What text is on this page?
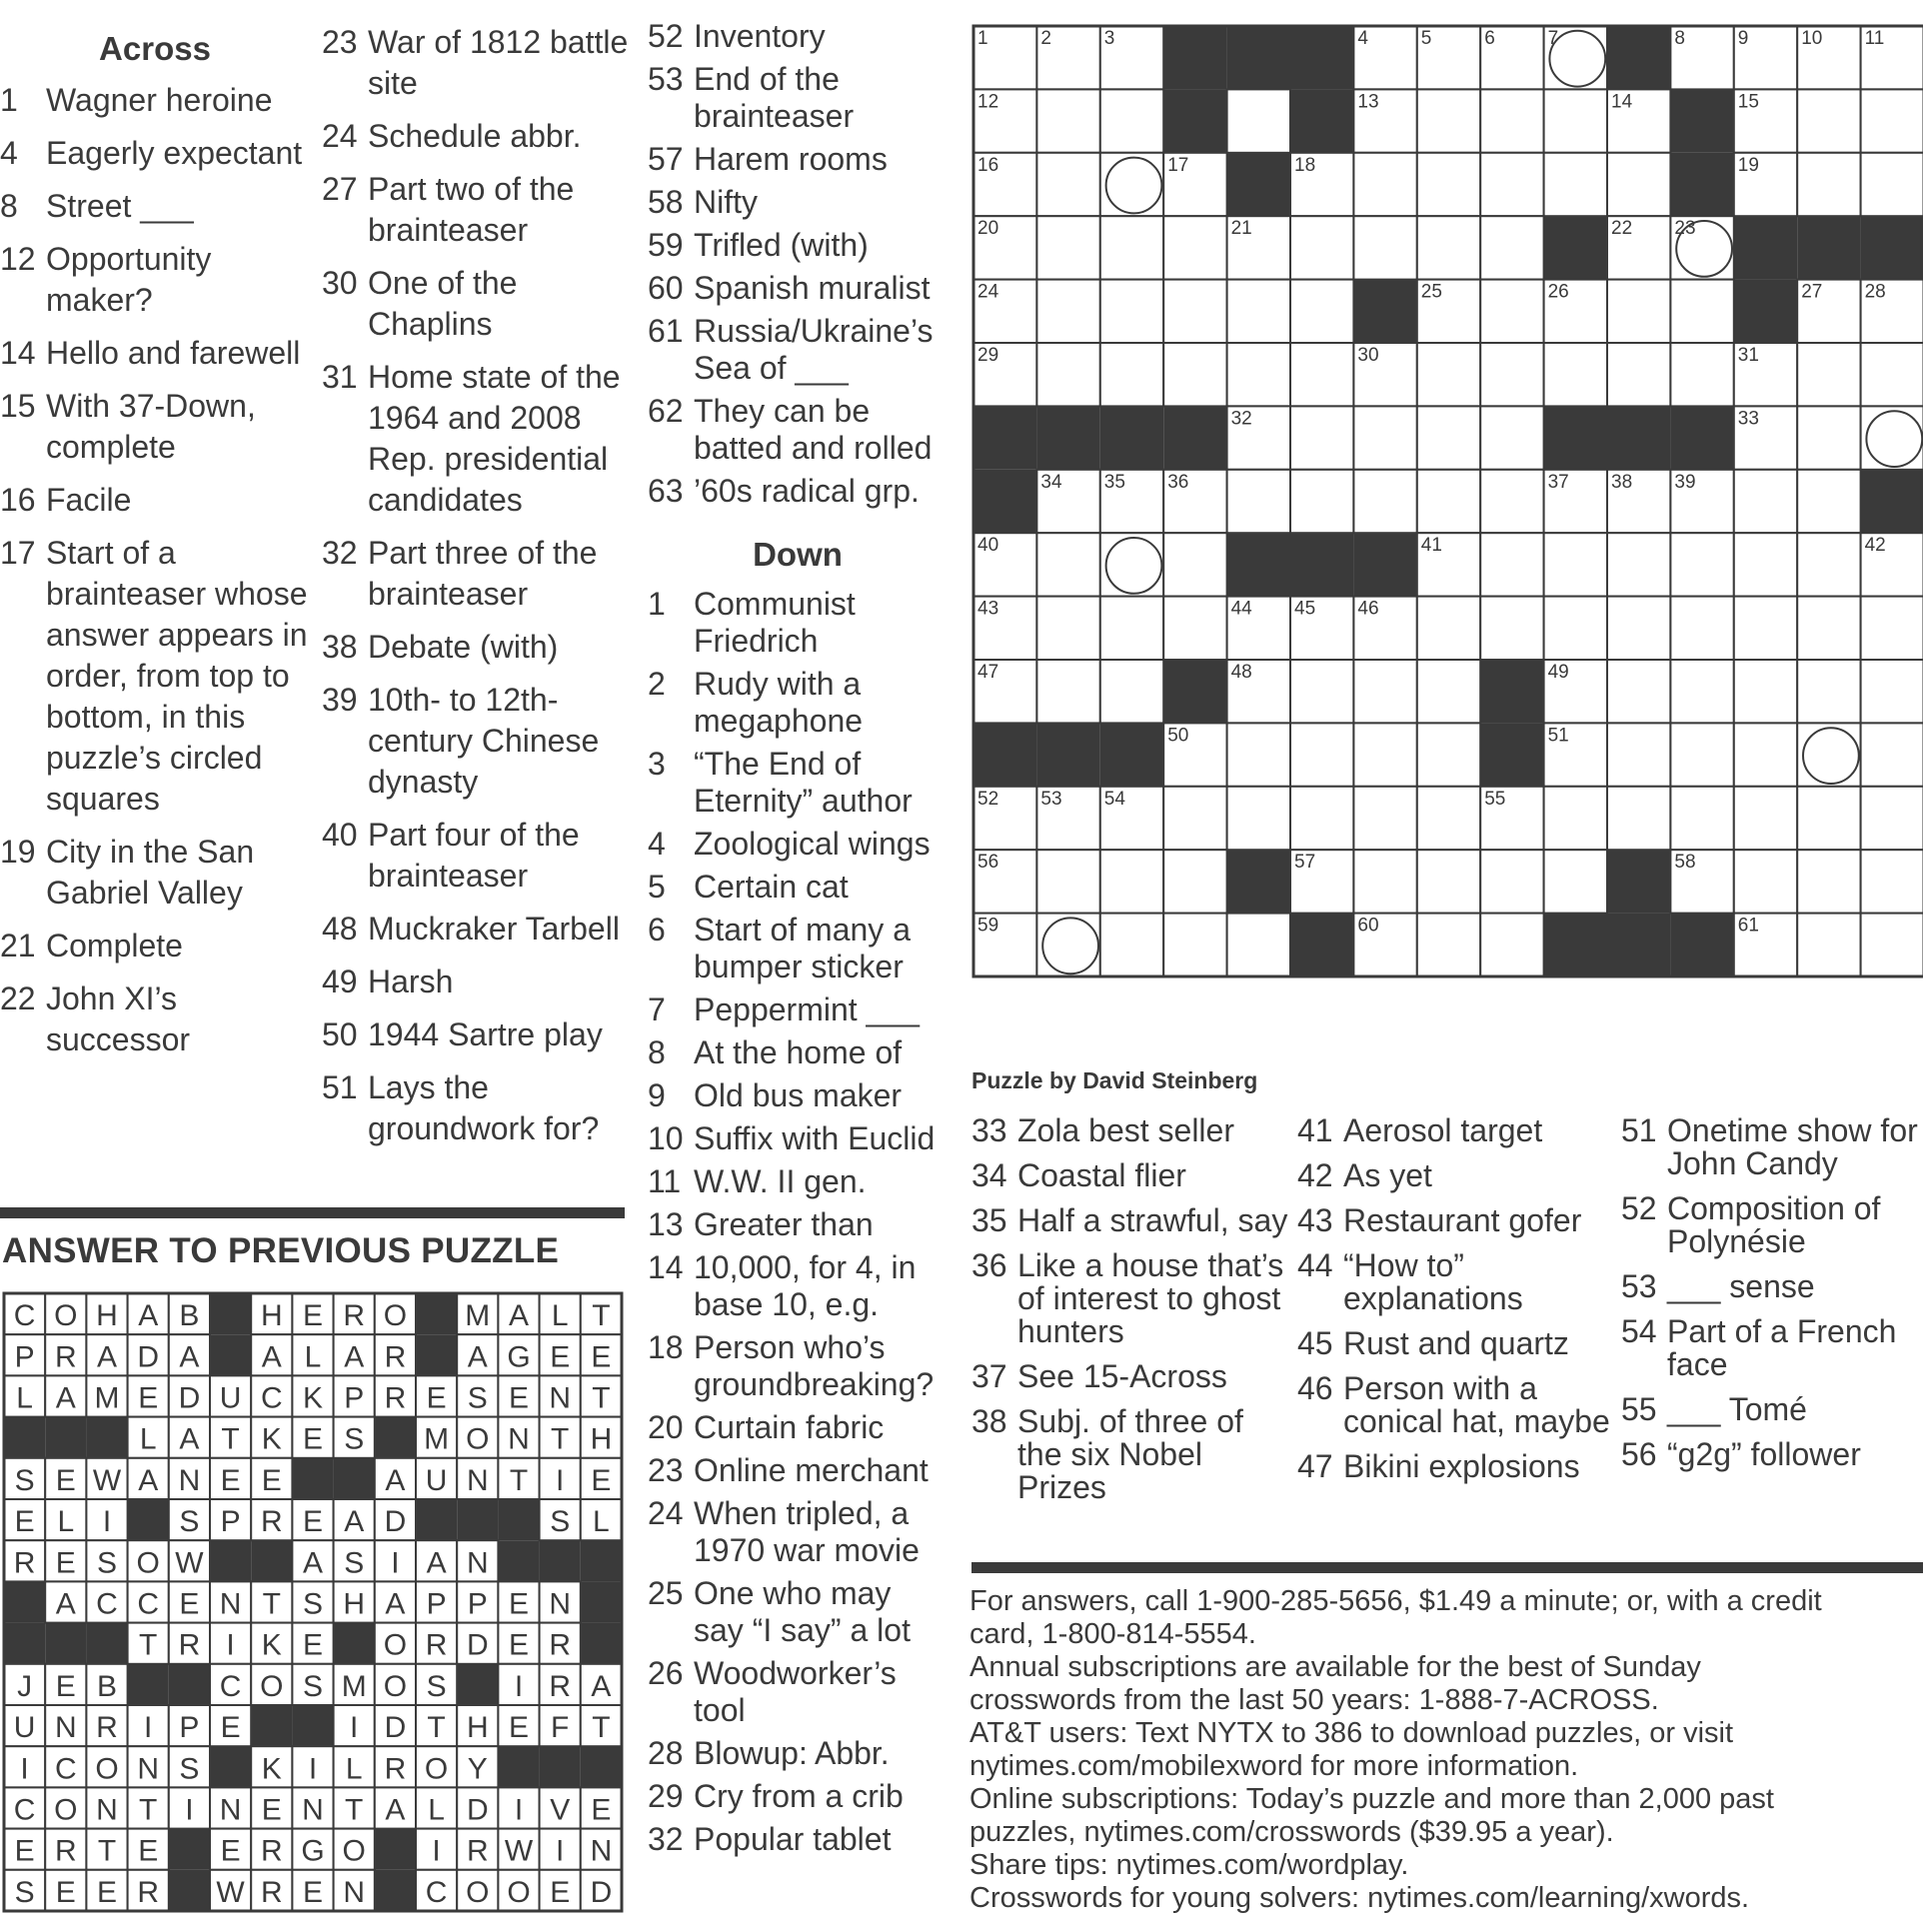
Across
1 Wagner heroine
4 Eagerly expectant
8 Street ___
12 Opportunity maker?
14 Hello and farewell
15 With 37-Down, complete
16 Facile
17 Start of a brainteaser whose answer appears in order, from top to bottom, in this puzzle’s circled squares
19 City in the San Gabriel Valley
21 Complete
22 John XI’s successor
23 War of 1812 battle site
24 Schedule abbr.
27 Part two of the brainteaser
30 One of the Chaplins
31 Home state of the 1964 and 2008 Rep. presidential candidates
32 Part three of the brainteaser
38 Debate (with)
39 10th- to 12th-century Chinese dynasty
40 Part four of the brainteaser
48 Muckraker Tarbell
49 Harsh
50 1944 Sartre play
51 Lays the groundwork for?
52 Inventory
53 End of the brainteaser
57 Harem rooms
58 Nifty
59 Trifled (with)
60 Spanish muralist
61 Russia/Ukraine’s Sea of ___
62 They can be batted and rolled
63 ’60s radical grp.
Down
1 Communist Friedrich
2 Rudy with a megaphone
3 “The End of Eternity” author
4 Zoological wings
5 Certain cat
6 Start of many a bumper sticker
7 Peppermint ___
8 At the home of
9 Old bus maker
10 Suffix with Euclid
11 W.W. II gen.
13 Greater than
14 10,000, for 4, in base 10, e.g.
18 Person who’s groundbreaking?
20 Curtain fabric
23 Online merchant
24 When tripled, a 1970 war movie
25 One who may say “I say” a lot
26 Woodworker’s tool
28 Blowup: Abbr.
29 Cry from a crib
32 Popular tablet
33 Zola best seller
34 Coastal flier
35 Half a strawful, say
36 Like a house that’s of interest to ghost hunters
37 See 15-Across
38 Subj. of three of the six Nobel Prizes
41 Aerosol target
42 As yet
43 Restaurant gofer
44 “How to” explanations
45 Rust and quartz
46 Person with a conical hat, maybe
47 Bikini explosions
51 Onetime show for John Candy
52 Composition of Polynésie
53 ___ sense
54 Part of a French face
55 ___ Tomé
56 “g2g” follower
ANSWER TO PREVIOUS PUZZLE
C O H A B H E R O M A L T
P R A D A A L A R A G E E
L A M E D U C K P R E S E N T
L A T K E S M O N T H
S E W A N E E	A U N T I E
E L I S P R E A D	S L
R E S O W	A S I A N
A C C E N T S H A P P E N
T R I K E O R D E R
J E B	C O S M O S I R A
U N R I P E	I D T H E F T
I C O N S K I L R O Y
C O N T I N E N T A L D I V E
E R T E E R G O I R W I N
S E E R W R E N C O O E D
1	2	3	4	5	6	7	8	9	10 11
12	13	14	15
16	17	18	19
20	21	22 23
24	25	26	27 28
29	30	31
32	33
34 35 36	37 38 39
40	41	42
43	44 45 46
47	48	49
50	51
52 53 54	55
56	57	58
59	60	61
Puzzle by David Steinberg
For answers, call 1-900-285-5656, $1.49 a minute; or, with a credit
card, 1-800-814-5554.
Annual subscriptions are available for the best of Sunday
crosswords from the last 50 years: 1-888-7-ACROSS.
AT&T users: Text NYTX to 386 to download puzzles, or visit
nytimes.com/mobilexword for more information.
Online subscriptions: Today’s puzzle and more than 2,000 past
puzzles, nytimes.com/crosswords ($39.95 a year).
Share tips: nytimes.com/wordplay.
Crosswords for young solvers: nytimes.com/learning/xwords.
